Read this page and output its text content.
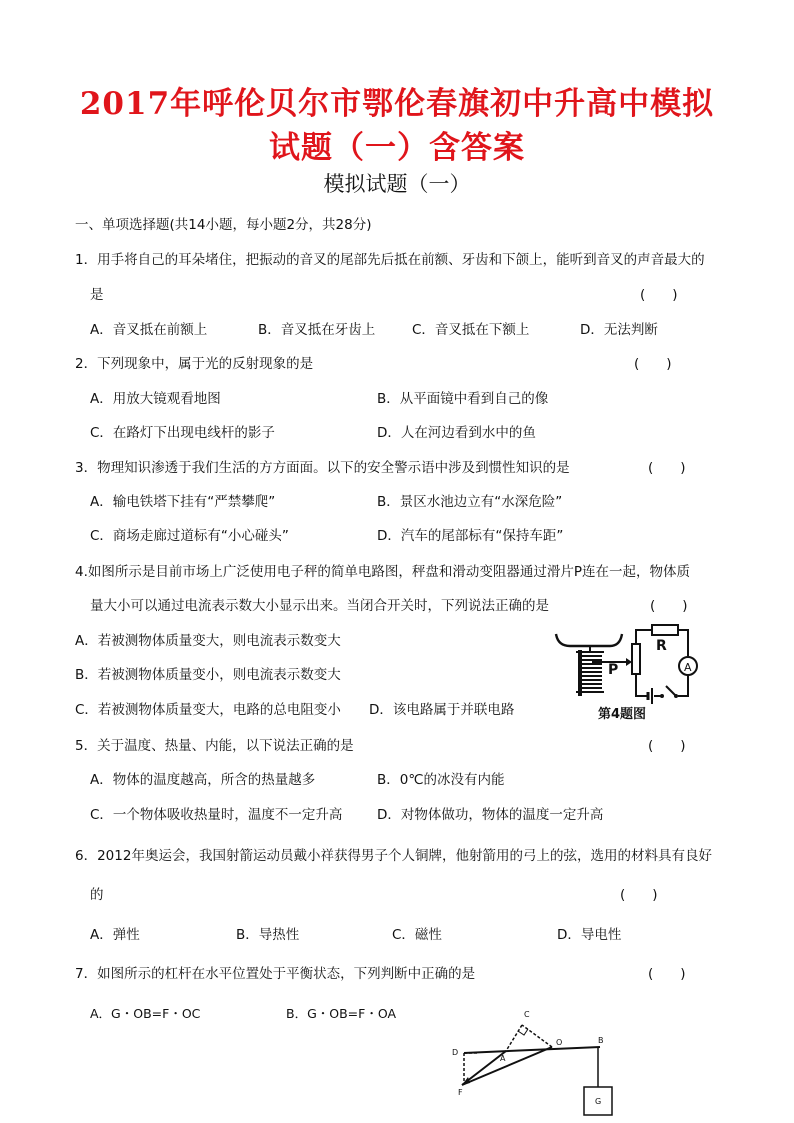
2017年呼伦贝尔市鄂伦春旗初中升高中模拟
试题（一）含答案
模拟试题（一）
一、单项选择题(共14小题，每小题2分，共28分)
1．用手将自己的耳朵堵住，把振动的音叉的尾部先后抵在前额、牙齿和下颌上，能听到音叉的声音最大的
是	(　　)
A．音叉抵在前额上	B．音叉抵在牙齿上	C．音叉抵在下额上	D．无法判断
2．下列现象中，属于光的反射现象的是	(　　)
A．用放大镜观看地图	B．从平面镜中看到自己的像
C．在路灯下出现电线杆的影子	D．人在河边看到水中的鱼
3．物理知识渗透于我们生活的方方面面。以下的安全警示语中涉及到惯性知识的是	(　　)
A．输电铁塔下挂有“严禁攀爬”	B．景区水池边立有“水深危险”
C．商场走廊过道标有“小心碰头”	D．汽车的尾部标有“保持车距”
4.如图所示是目前市场上广泛使用电子秤的简单电路图，秤盘和滑动变阻器通过滑片P连在一起，物体质
量大小可以通过电流表示数大小显示出来。当闭合开关时，下列说法正确的是	(　　)
A．若被测物体质量变大，则电流表示数变大
B．若被测物体质量变小，则电流表示数变大
C．若被测物体质量变大，电路的总电阻变小 D．该电路属于并联电路
P
R
A
第4题图
5．关于温度、热量、内能，以下说法正确的是	(　　)
A．物体的温度越高，所含的热量越多	B．0℃的冰没有内能
C．一个物体吸收热量时，温度不一定升高	D．对物体做功，物体的温度一定升高
6．2012年奥运会，我国射箭运动员戴小祥获得男子个人铜牌，他射箭用的弓上的弦，选用的材料具有良好
的	(　　)
A．弹性	B．导热性	C．磁性	D．导电性
7．如图所示的杠杆在水平位置处于平衡状态，下列判断中正确的是	(　　)
A．G・OB=F・OC	B．G・OB=F・OA	C
D
A
O	B
F
G
